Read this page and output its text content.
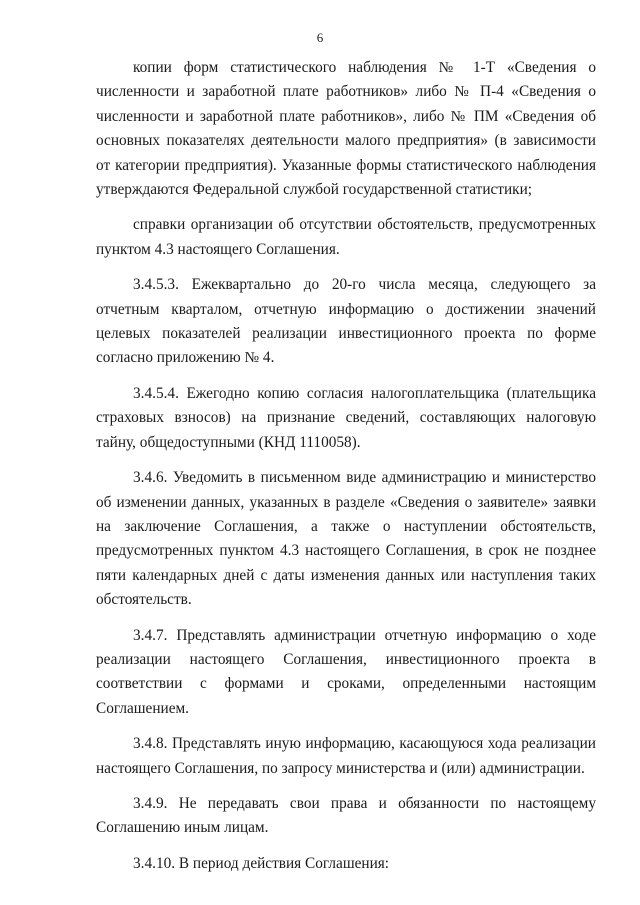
6

копии форм статистического наблюдения № 1-Т «Сведения о численности и заработной плате работников» либо № П-4 «Сведения о численности и заработной плате работников», либо № ПМ «Сведения об основных показателях деятельности малого предприятия» (в зависимости от категории предприятия). Указанные формы статистического наблюдения утверждаются Федеральной службой государственной статистики;

справки организации об отсутствии обстоятельств, предусмотренных пунктом 4.3 настоящего Соглашения.

3.4.5.3. Ежеквартально до 20-го числа месяца, следующего за отчетным кварталом, отчетную информацию о достижении значений целевых показателей реализации инвестиционного проекта по форме согласно приложению № 4.

3.4.5.4. Ежегодно копию согласия налогоплательщика (плательщика страховых взносов) на признание сведений, составляющих налоговую тайну, общедоступными (КНД 1110058).

3.4.6. Уведомить в письменном виде администрацию и министерство об изменении данных, указанных в разделе «Сведения о заявителе» заявки на заключение Соглашения, а также о наступлении обстоятельств, предусмотренных пунктом 4.3 настоящего Соглашения, в срок не позднее пяти календарных дней с даты изменения данных или наступления таких обстоятельств.

3.4.7. Представлять администрации отчетную информацию о ходе реализации настоящего Соглашения, инвестиционного проекта в соответствии с формами и сроками, определенными настоящим Соглашением.

3.4.8. Представлять иную информацию, касающуюся хода реализации настоящего Соглашения, по запросу министерства и (или) администрации.

3.4.9. Не передавать свои права и обязанности по настоящему Соглашению иным лицам.

3.4.10. В период действия Соглашения:
